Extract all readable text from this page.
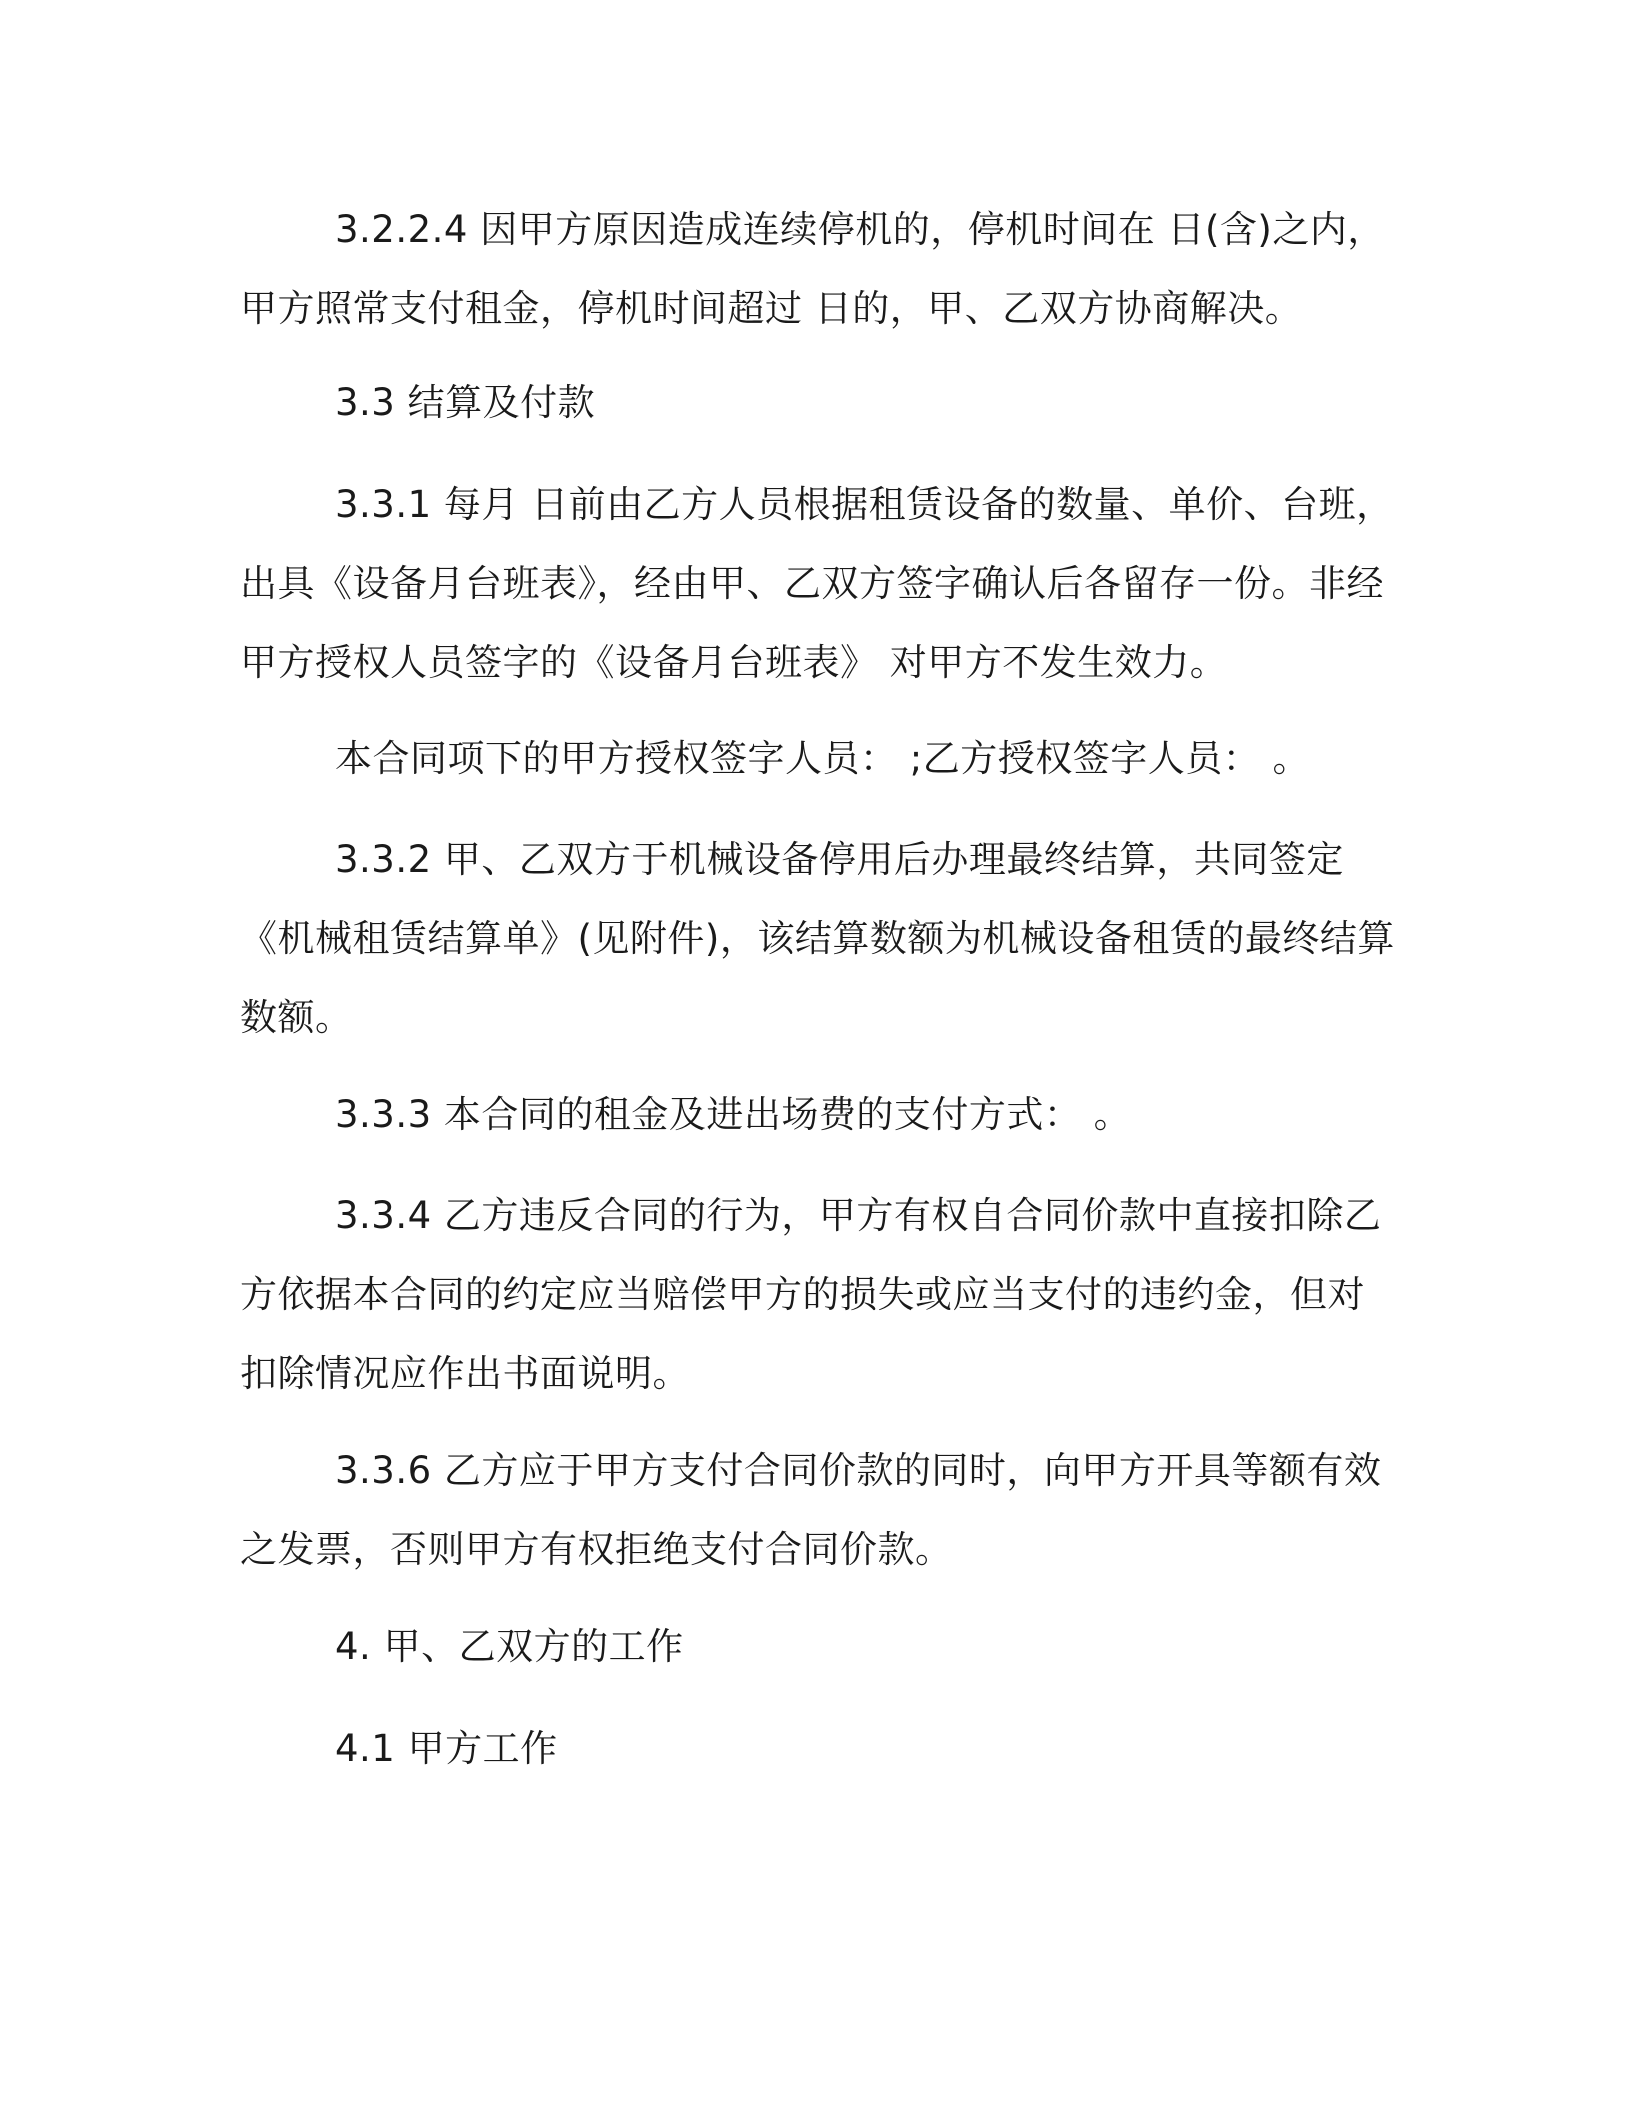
3.2.2.4 因甲方原因造成连续停机的，停机时间在 日(含)之内，甲方照常支付租金，停机时间超过 日的，甲、乙双方协商解决。

3.3 结算及付款

3.3.1 每月 日前由乙方人员根据租赁设备的数量、单价、台班，出具《设备月台班表》，经由甲、乙双方签字确认后各留存一份。非经甲方授权人员签字的《设备月台班表》 对甲方不发生效力。

本合同项下的甲方授权签字人员： ;乙方授权签字人员： 。

3.3.2 甲、乙双方于机械设备停用后办理最终结算，共同签定《机械租赁结算单》(见附件)，该结算数额为机械设备租赁的最终结算数额。

3.3.3 本合同的租金及进出场费的支付方式： 。

3.3.4 乙方违反合同的行为，甲方有权自合同价款中直接扣除乙方依据本合同的约定应当赔偿甲方的损失或应当支付的违约金，但对扣除情况应作出书面说明。

3.3.6 乙方应于甲方支付合同价款的同时，向甲方开具等额有效之发票，否则甲方有权拒绝支付合同价款。

4. 甲、乙双方的工作

4.1 甲方工作
